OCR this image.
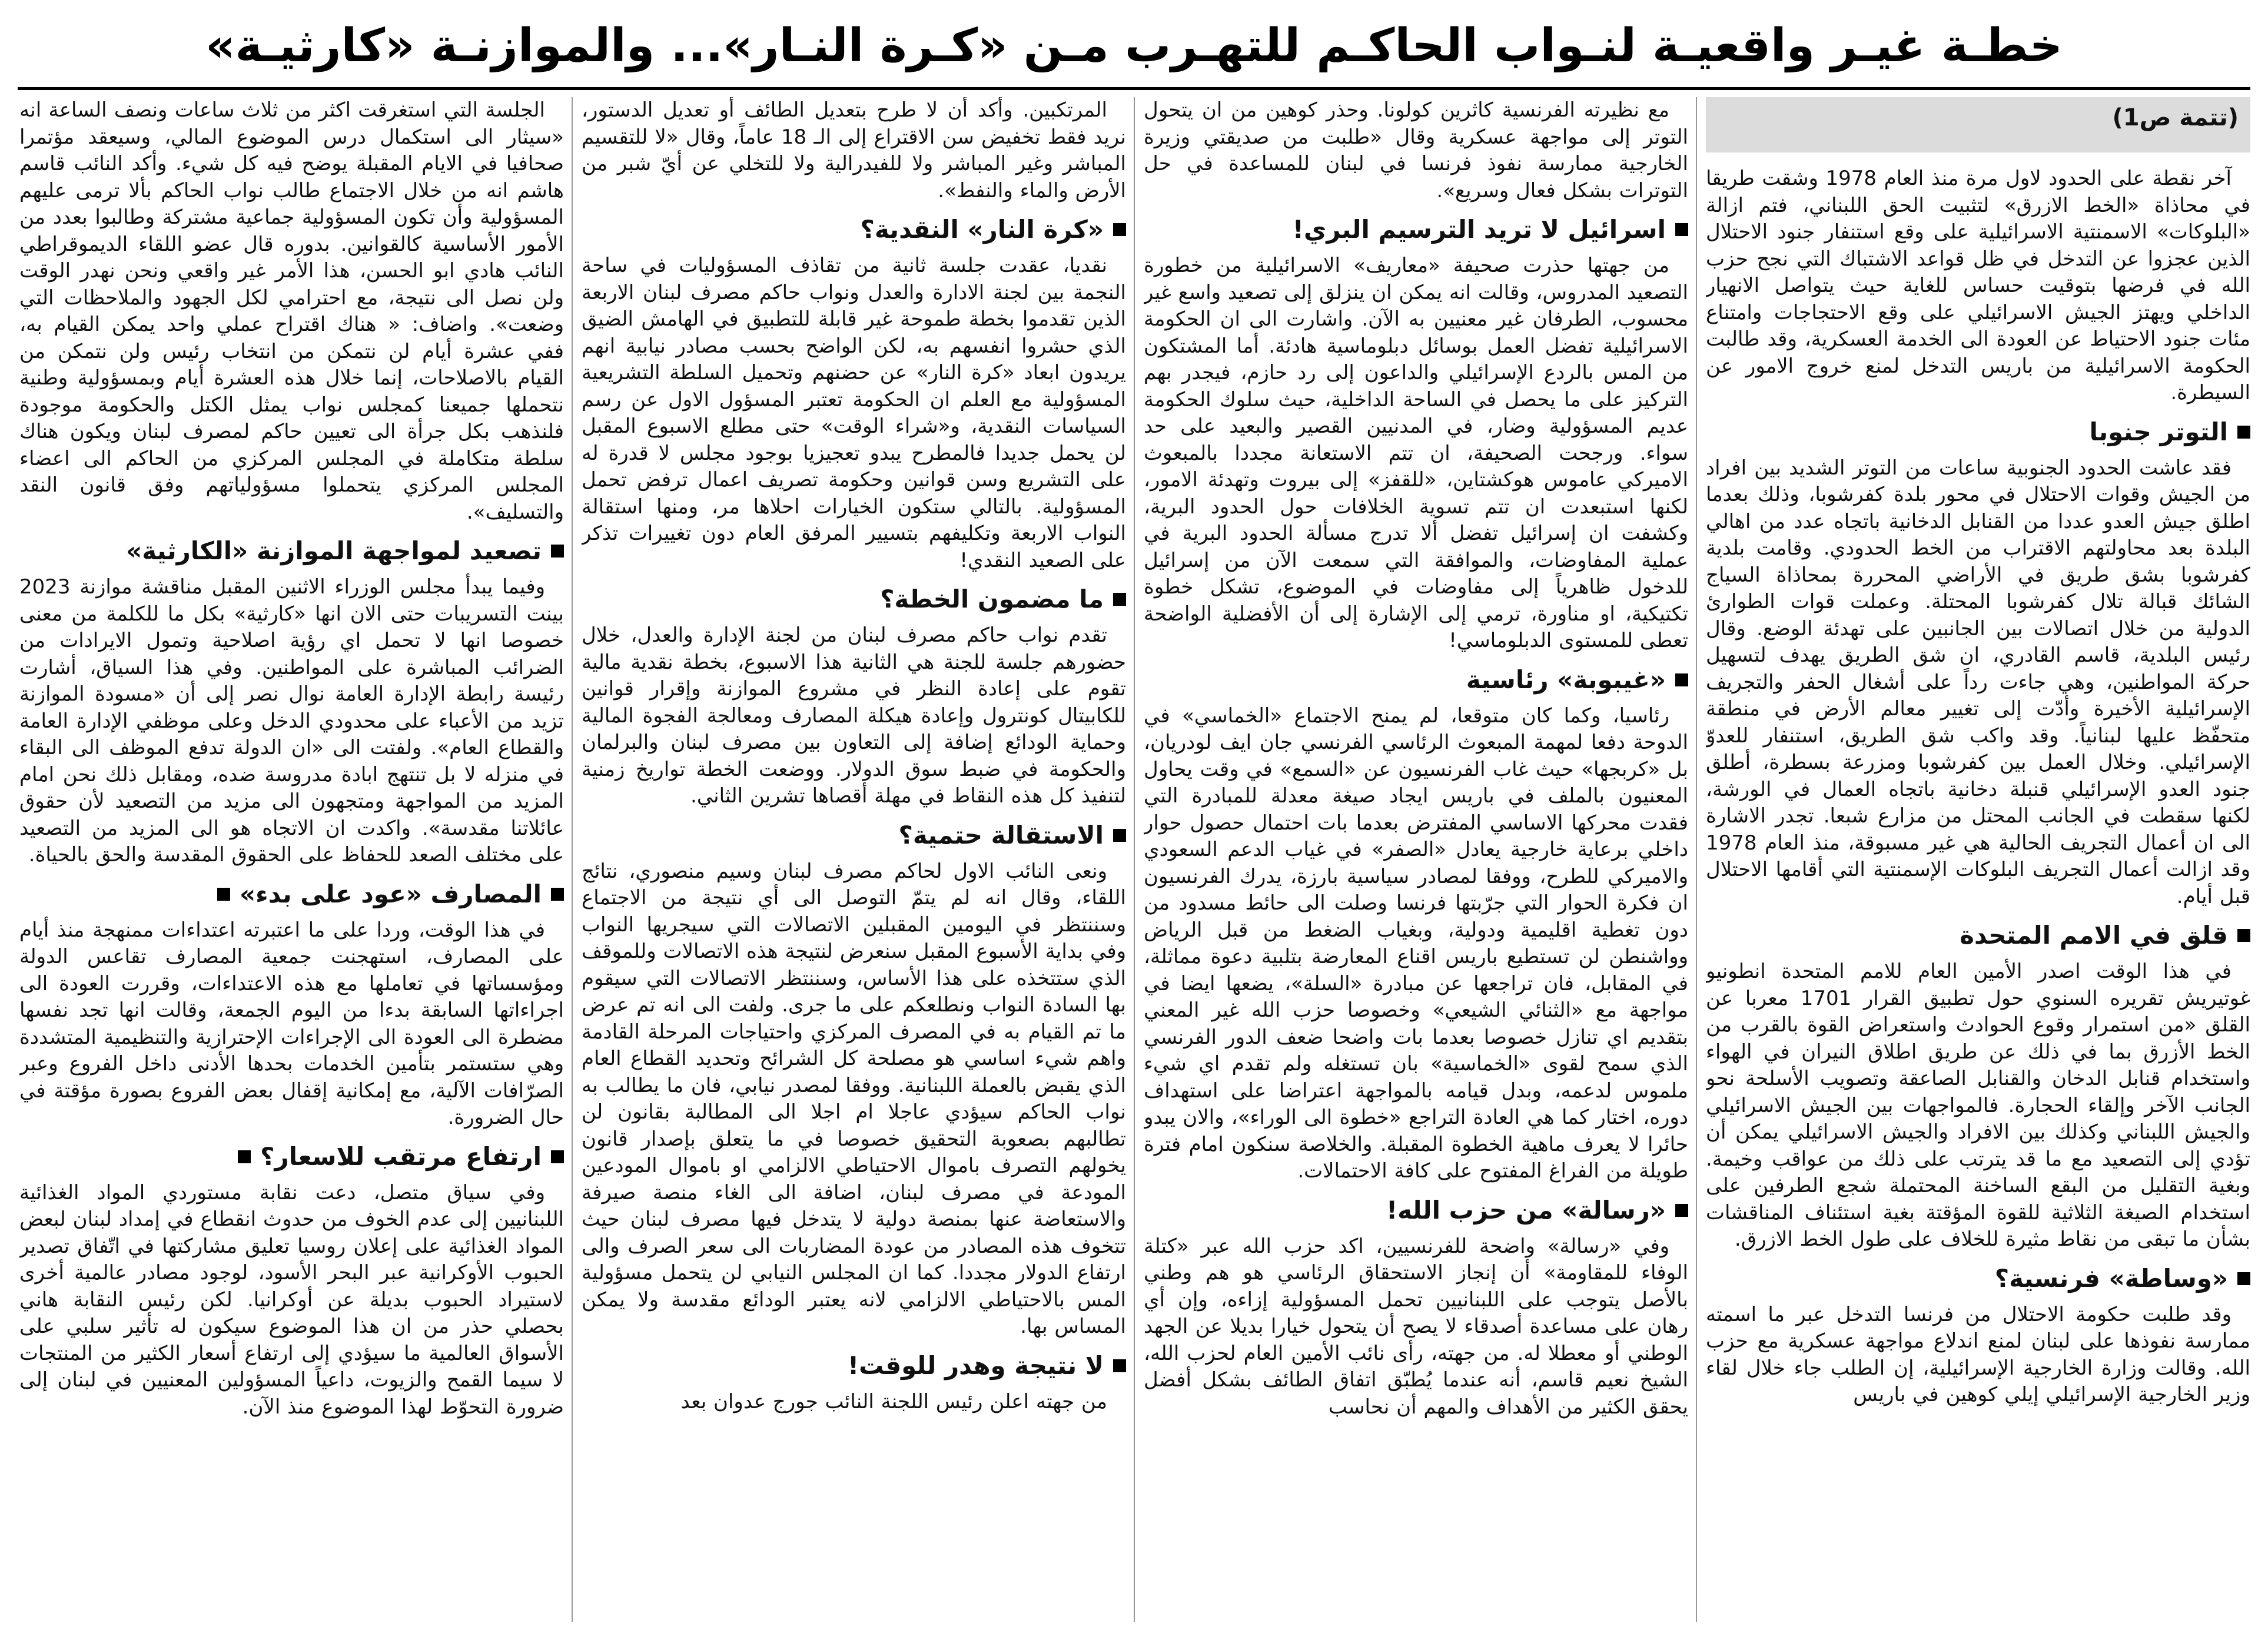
خطـة غيـر واقعيـة لنـواب الحاكـم للتهـرب مـن «كـرة النـار»... والموازنـة «كارثيـة»
(تتمة ص1)

آخر نقطة على الحدود لاول مرة منذ العام 1978 وشقت طريقا في محاذاة «الخط الازرق» لتثبيت الحق اللبناني، فتم ازالة «البلوكات» الاسمنتية الاسرائيلية على وقع استنفار جنود الاحتلال الذين عجزوا عن التدخل في ظل قواعد الاشتباك التي نجح حزب الله في فرضها بتوقيت حساس للغاية حيث يتواصل الانهيار الداخلي ويهتز الجيش الاسرائيلي على وقع الاحتجاجات وامتناع مئات جنود الاحتياط عن العودة الى الخدمة العسكرية، وقد طالبت الحكومة الاسرائيلية من باريس التدخل لمنع خروج الامور عن السيطرة.

التوتر جنوبا

فقد عاشت الحدود الجنوبية ساعات من التوتر الشديد بين افراد من الجيش وقوات الاحتلال في محور بلدة كفرشوبا، وذلك بعدما اطلق جيش العدو عددا من القنابل الدخانية باتجاه عدد من اهالي البلدة بعد محاولتهم الاقتراب من الخط الحدودي. وقامت بلدية كفرشوبا بشق طريق في الأراضي المحررة بمحاذاة السياج الشائك قبالة تلال كفرشوبا المحتلة. وعملت قوات الطوارئ الدولية من خلال اتصالات بين الجانبين على تهدئة الوضع. وقال رئيس البلدية، قاسم القادري، ان شق الطريق يهدف لتسهيل حركة المواطنين، وهي جاءت رداً على أشغال الحفر والتجريف الإسرائيلية الأخيرة وأدّت إلى تغيير معالم الأرض في منطقة متحفّظ عليها لبنانياً. وقد واكب شق الطريق، استنفار للعدوّ الإسرائيلي. وخلال العمل بين كفرشوبا ومزرعة بسطرة، أطلق جنود العدو الإسرائيلي قنبلة دخانية باتجاه العمال في الورشة، لكنها سقطت في الجانب المحتل من مزارع شبعا. تجدر الاشارة الى ان أعمال التجريف الحالية هي غير مسبوقة، منذ العام 1978 وقد ازالت أعمال التجريف البلوكات الإسمنتية التي أقامها الاحتلال قبل أيام.

قلق في الامم المتحدة

في هذا الوقت اصدر الأمين العام للامم المتحدة انطونيو غوتيريش تقريره السنوي حول تطبيق القرار 1701 معربا عن القلق «من استمرار وقوع الحوادث واستعراض القوة بالقرب من الخط الأزرق بما في ذلك عن طريق اطلاق النيران في الهواء واستخدام قنابل الدخان والقنابل الصاعقة وتصويب الأسلحة نحو الجانب الآخر وإلقاء الحجارة. فالمواجهات بين الجيش الاسرائيلي والجيش اللبناني وكذلك بين الافراد والجيش الاسرائيلي يمكن أن تؤدي إلى التصعيد مع ما قد يترتب على ذلك من عواقب وخيمة. وبغية التقليل من البقع الساخنة المحتملة شجع الطرفين على استخدام الصيغة الثلاثية للقوة المؤقتة بغية استئناف المناقشات بشأن ما تبقى من نقاط مثيرة للخلاف على طول الخط الازرق.

«وساطة» فرنسية؟

وقد طلبت حكومة الاحتلال من فرنسا التدخل عبر ما اسمته ممارسة نفوذها على لبنان لمنع اندلاع مواجهة عسكرية مع حزب الله. وقالت وزارة الخارجية الإسرائيلية، إن الطلب جاء خلال لقاء وزير الخارجية الإسرائيلي إيلي كوهين في باريس

مع نظيرته الفرنسية كاثرين كولونا. وحذر كوهين من ان يتحول التوتر إلى مواجهة عسكرية وقال «طلبت من صديقتي وزيرة الخارجية ممارسة نفوذ فرنسا في لبنان للمساعدة في حل التوترات بشكل فعال وسريع».

اسرائيل لا تريد الترسيم البري!

من جهتها حذرت صحيفة «معاريف» الاسرائيلية من خطورة التصعيد المدروس، وقالت انه يمكن ان ينزلق إلى تصعيد واسع غير محسوب، الطرفان غير معنيين به الآن. واشارت الى ان الحكومة الاسرائيلية تفضل العمل بوسائل دبلوماسية هادئة. أما المشتكون من المس بالردع الإسرائيلي والداعون إلى رد حازم، فيجدر بهم التركيز على ما يحصل في الساحة الداخلية، حيث سلوك الحكومة عديم المسؤولية وضار، في المدنيين القصير والبعيد على حد سواء. ورجحت الصحيفة، ان تتم الاستعانة مجددا بالمبعوث الاميركي عاموس هوكشتاين، «للقفز» إلى بيروت وتهدئة الامور، لكنها استبعدت ان تتم تسوية الخلافات حول الحدود البرية، وكشفت ان إسرائيل تفضل ألا تدرج مسألة الحدود البرية في عملية المفاوضات، والموافقة التي سمعت الآن من إسرائيل للدخول ظاهرياً إلى مفاوضات في الموضوع، تشكل خطوة تكتيكية، او مناورة، ترمي إلى الإشارة إلى أن الأفضلية الواضحة تعطى للمستوى الدبلوماسي!

«غيبوبة» رئاسية

رئاسيا، وكما كان متوقعا، لم يمنح الاجتماع «الخماسي» في الدوحة دفعا لمهمة المبعوث الرئاسي الفرنسي جان ايف لودريان، بل «كربجها» حيث غاب الفرنسيون عن «السمع» في وقت يحاول المعنيون بالملف في باريس ايجاد صيغة معدلة للمبادرة التي فقدت محركها الاساسي المفترض بعدما بات احتمال حصول حوار داخلي برعاية خارجية يعادل «الصفر» في غياب الدعم السعودي والاميركي للطرح، ووفقا لمصادر سياسية بارزة، يدرك الفرنسيون ان فكرة الحوار التي جرّبتها فرنسا وصلت الى حائط مسدود من دون تغطية اقليمية ودولية، وبغياب الضغط من قبل الرياض وواشنطن لن تستطيع باريس اقناع المعارضة بتلبية دعوة مماثلة، في المقابل، فان تراجعها عن مبادرة «السلة»، يضعها ايضا في مواجهة مع «الثنائي الشيعي» وخصوصا حزب الله غير المعني بتقديم اي تنازل خصوصا بعدما بات واضحا ضعف الدور الفرنسي الذي سمح لقوى «الخماسية» بان تستغله ولم تقدم اي شيء ملموس لدعمه، وبدل قيامه بالمواجهة اعتراضا على استهداف دوره، اختار كما هي العادة التراجع «خطوة الى الوراء»، والان يبدو حائرا لا يعرف ماهية الخطوة المقبلة. والخلاصة سنكون امام فترة طويلة من الفراغ المفتوح على كافة الاحتمالات.

«رسالة» من حزب الله!

وفي «رسالة» واضحة للفرنسيين، اكد حزب الله عبر «كتلة الوفاء للمقاومة» أن إنجاز الاستحقاق الرئاسي هو هم وطني بالأصل يتوجب على اللبنانيين تحمل المسؤولية إزاءه، وإن أي رهان على مساعدة أصدقاء لا يصح أن يتحول خيارا بديلا عن الجهد الوطني أو معطلا له. من جهته، رأى نائب الأمين العام لحزب الله، الشيخ نعيم قاسم، أنه عندما يُطبّق اتفاق الطائف بشكل أفضل يحقق الكثير من الأهداف والمهم أن نحاسب

المرتكبين. وأكد أن لا طرح بتعديل الطائف أو تعديل الدستور، نريد فقط تخفيض سن الاقتراع إلى الـ 18 عاماً، وقال «لا للتقسيم المباشر وغير المباشر ولا للفيدرالية ولا للتخلي عن أيّ شبر من الأرض والماء والنفط».

«كرة النار» النقدية؟

نقديا، عقدت جلسة ثانية من تقاذف المسؤوليات في ساحة النجمة بين لجنة الادارة والعدل ونواب حاكم مصرف لبنان الاربعة الذين تقدموا بخطة طموحة غير قابلة للتطبيق في الهامش الضيق الذي حشروا انفسهم به، لكن الواضح بحسب مصادر نيابية انهم يريدون ابعاد «كرة النار» عن حضنهم وتحميل السلطة التشريعية المسؤولية مع العلم ان الحكومة تعتبر المسؤول الاول عن رسم السياسات النقدية، و«شراء الوقت» حتى مطلع الاسبوع المقبل لن يحمل جديدا فالمطرح يبدو تعجيزيا بوجود مجلس لا قدرة له على التشريع وسن قوانين وحكومة تصريف اعمال ترفض تحمل المسؤولية. بالتالي ستكون الخيارات احلاها مر، ومنها استقالة النواب الاربعة وتكليفهم بتسيير المرفق العام دون تغييرات تذكر على الصعيد النقدي!

ما مضمون الخطة؟

تقدم نواب حاكم مصرف لبنان من لجنة الإدارة والعدل، خلال حضورهم جلسة للجنة هي الثانية هذا الاسبوع، بخطة نقدية مالية تقوم على إعادة النظر في مشروع الموازنة وإقرار قوانين للكابيتال كونترول وإعادة هيكلة المصارف ومعالجة الفجوة المالية وحماية الودائع إضافة إلى التعاون بين مصرف لبنان والبرلمان والحكومة في ضبط سوق الدولار. ووضعت الخطة تواريخ زمنية لتنفيذ كل هذه النقاط في مهلة أقصاها تشرين الثاني.

الاستقالة حتمية؟

ونعى النائب الاول لحاكم مصرف لبنان وسيم منصوري، نتائج اللقاء، وقال انه لم يتمّ التوصل الى أي نتيجة من الاجتماع وسننتظر في اليومين المقبلين الاتصالات التي سيجريها النواب وفي بداية الأسبوع المقبل سنعرض لنتيجة هذه الاتصالات وللموقف الذي ستتخذه على هذا الأساس، وسننتظر الاتصالات التي سيقوم بها السادة النواب ونطلعكم على ما جرى. ولفت الى انه تم عرض ما تم القيام به في المصرف المركزي واحتياجات المرحلة القادمة واهم شيء اساسي هو مصلحة كل الشرائح وتحديد القطاع العام الذي يقبض بالعملة اللبنانية. ووفقا لمصدر نيابي، فان ما يطالب به نواب الحاكم سيؤدي عاجلا ام اجلا الى المطالبة بقانون لن تطالبهم بصعوبة التحقيق خصوصا في ما يتعلق بإصدار قانون يخولهم التصرف باموال الاحتياطي الالزامي او باموال المودعين المودعة في مصرف لبنان، اضافة الى الغاء منصة صيرفة والاستعاضة عنها بمنصة دولية لا يتدخل فيها مصرف لبنان حيث تتخوف هذه المصادر من عودة المضاربات الى سعر الصرف والى ارتفاع الدولار مجددا. كما ان المجلس النيابي لن يتحمل مسؤولية المس بالاحتياطي الالزامي لانه يعتبر الودائع مقدسة ولا يمكن المساس بها.

لا نتيجة وهدر للوقت!

من جهته اعلن رئيس اللجنة النائب جورج عدوان بعد

الجلسة التي استغرقت اكثر من ثلاث ساعات ونصف الساعة انه «سيثار الى استكمال درس الموضوع المالي، وسيعقد مؤتمرا صحافيا في الايام المقبلة يوضح فيه كل شيء. وأكد النائب قاسم هاشم انه من خلال الاجتماع طالب نواب الحاكم بألا ترمى عليهم المسؤولية وأن تكون المسؤولية جماعية مشتركة وطالبوا بعدد من الأمور الأساسية كالقوانين. بدوره قال عضو اللقاء الديموقراطي النائب هادي ابو الحسن، هذا الأمر غير واقعي ونحن نهدر الوقت ولن نصل الى نتيجة، مع احترامي لكل الجهود والملاحظات التي وضعت». واضاف: « هناك اقتراح عملي واحد يمكن القيام به، ففي عشرة أيام لن نتمكن من انتخاب رئيس ولن نتمكن من القيام بالاصلاحات، إنما خلال هذه العشرة أيام وبمسؤولية وطنية نتحملها جميعنا كمجلس نواب يمثل الكتل والحكومة موجودة فلنذهب بكل جرأة الى تعيين حاكم لمصرف لبنان ويكون هناك سلطة متكاملة في المجلس المركزي من الحاكم الى اعضاء المجلس المركزي يتحملوا مسؤولياتهم وفق قانون النقد والتسليف».

تصعيد لمواجهة الموازنة «الكارثية»

وفيما يبدأ مجلس الوزراء الاثنين المقبل مناقشة موازنة 2023 بينت التسريبات حتى الان انها «كارثية» بكل ما للكلمة من معنى خصوصا انها لا تحمل اي رؤية اصلاحية وتمول الايرادات من الضرائب المباشرة على المواطنين. وفي هذا السياق، أشارت رئيسة رابطة الإدارة العامة نوال نصر إلى أن «مسودة الموازنة تزيد من الأعباء على محدودي الدخل وعلى موظفي الإدارة العامة والقطاع العام». ولفتت الى «ان الدولة تدفع الموظف الى البقاء في منزله لا بل تنتهج ابادة مدروسة ضده، ومقابل ذلك نحن امام المزيد من المواجهة ومتجهون الى مزيد من التصعيد لأن حقوق عائلاتنا مقدسة». واكدت ان الاتجاه هو الى المزيد من التصعيد على مختلف الصعد للحفاظ على الحقوق المقدسة والحق بالحياة.

المصارف «عود على بدء»

في هذا الوقت، وردا على ما اعتبرته اعتداءات ممنهجة منذ أيام على المصارف، استهجنت جمعية المصارف تقاعس الدولة ومؤسساتها في تعاملها مع هذه الاعتداءات، وقررت العودة الى اجراءاتها السابقة بدءا من اليوم الجمعة، وقالت انها تجد نفسها مضطرة الى العودة الى الإجراءات الإحترازية والتنظيمية المتشددة وهي ستستمر بتأمين الخدمات بحدها الأدنى داخل الفروع وعبر الصرّافات الآلية، مع إمكانية إقفال بعض الفروع بصورة مؤقتة في حال الضرورة.

ارتفاع مرتقب للاسعار؟

وفي سياق متصل، دعت نقابة مستوردي المواد الغذائية اللبنانيين إلى عدم الخوف من حدوث انقطاع في إمداد لبنان لبعض المواد الغذائية على إعلان روسيا تعليق مشاركتها في اتّفاق تصدير الحبوب الأوكرانية عبر البحر الأسود، لوجود مصادر عالمية أخرى لاستيراد الحبوب بديلة عن أوكرانيا. لكن رئيس النقابة هاني بحصلي حذر من ان هذا الموضوع سيكون له تأثير سلبي على الأسواق العالمية ما سيؤدي إلى ارتفاع أسعار الكثير من المنتجات لا سيما القمح والزيوت، داعياً المسؤولين المعنيين في لبنان إلى ضرورة التحوّط لهذا الموضوع منذ الآن.
